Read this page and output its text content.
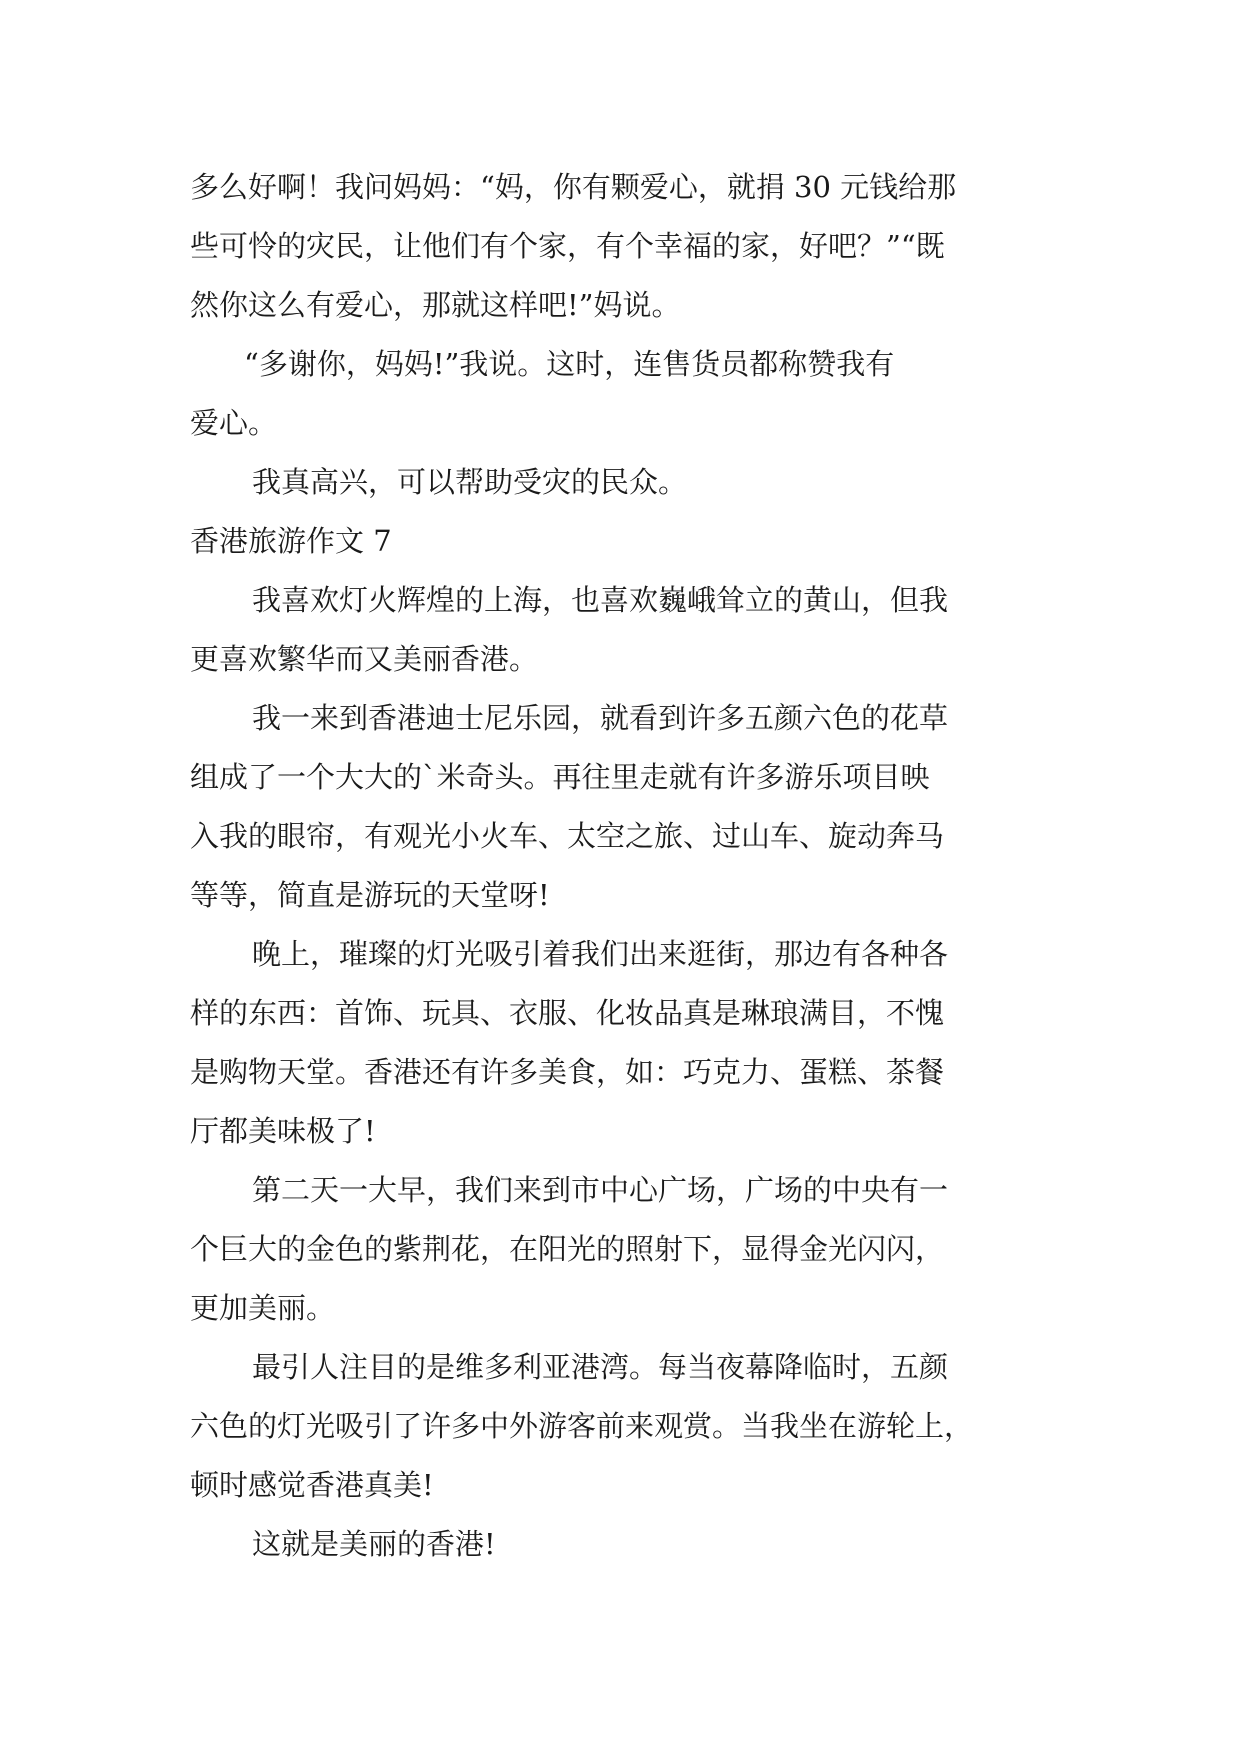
多么好啊！我问妈妈：“妈，你有颗爱心，就捐 30 元钱给那
些可怜的灾民，让他们有个家，有个幸福的家，好吧？”“既
然你这么有爱心，那就这样吧!”妈说。
“多谢你，妈妈!”我说。这时，连售货员都称赞我有
爱心。
我真高兴，可以帮助受灾的民众。
香港旅游作文 7
我喜欢灯火辉煌的上海，也喜欢巍峨耸立的黄山，但我
更喜欢繁华而又美丽香港。
我一来到香港迪士尼乐园，就看到许多五颜六色的花草
组成了一个大大的`米奇头。再往里走就有许多游乐项目映
入我的眼帘，有观光小火车、太空之旅、过山车、旋动奔马
等等，简直是游玩的天堂呀!
晚上，璀璨的灯光吸引着我们出来逛街，那边有各种各
样的东西：首饰、玩具、衣服、化妆品真是琳琅满目，不愧
是购物天堂。香港还有许多美食，如：巧克力、蛋糕、茶餐
厅都美味极了!
第二天一大早，我们来到市中心广场，广场的中央有一
个巨大的金色的紫荆花，在阳光的照射下，显得金光闪闪，
更加美丽。
最引人注目的是维多利亚港湾。每当夜幕降临时，五颜
六色的灯光吸引了许多中外游客前来观赏。当我坐在游轮上，
顿时感觉香港真美!
这就是美丽的香港!
